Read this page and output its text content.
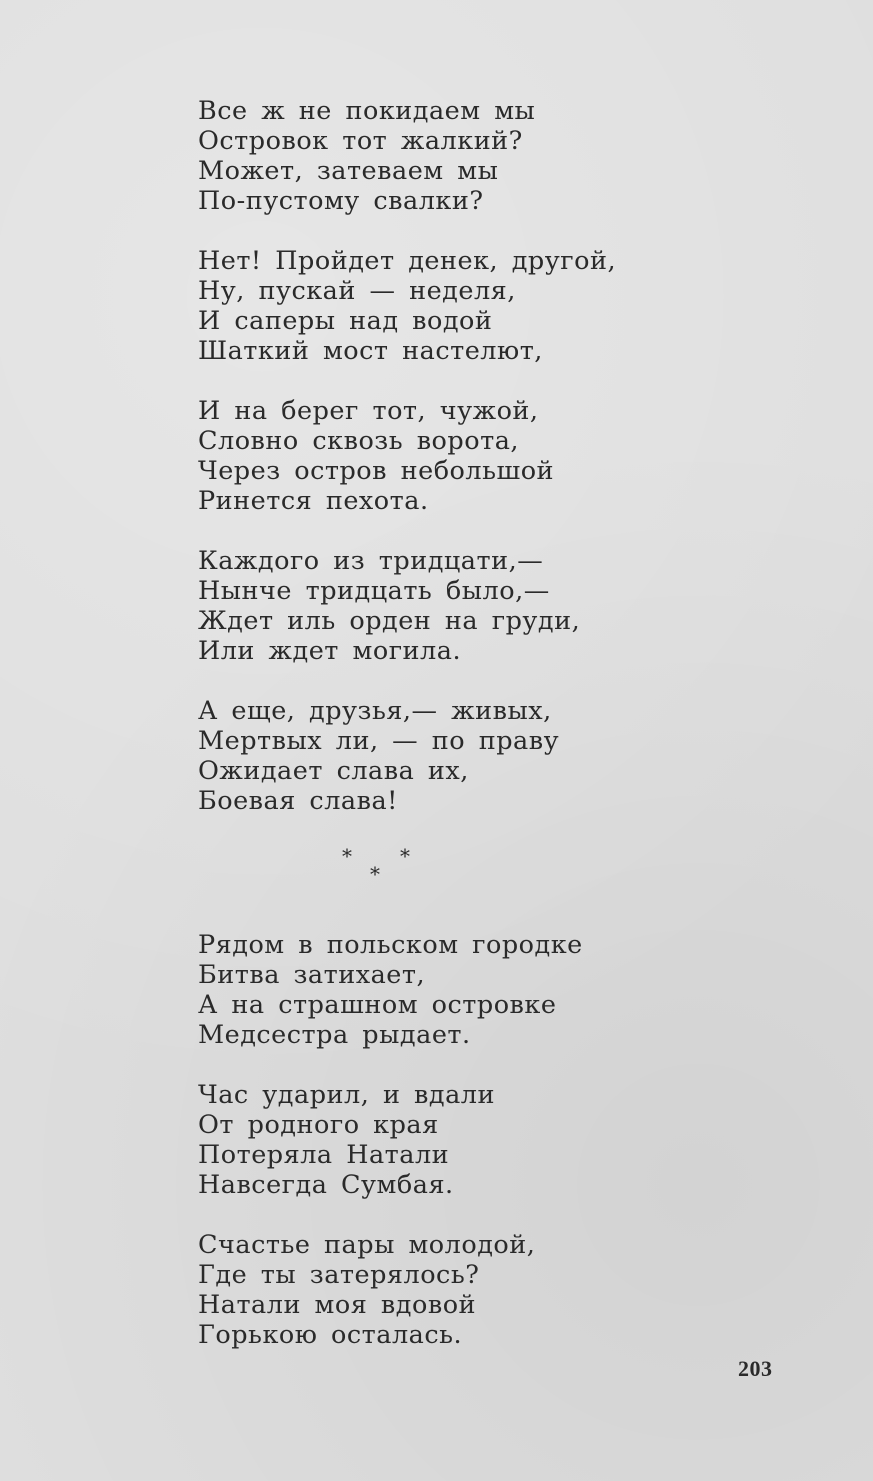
Все ж не покидаем мы
Островок тот жалкий?
Может, затеваем мы
По-пустому свалки?
Нет! Пройдет денек, другой,
Ну, пускай — неделя,
И саперы над водой
Шаткий мост настелют,
И на берег тот, чужой,
Словно сквозь ворота,
Через остров небольшой
Ринется пехота.
Каждого из тридцати,—
Нынче тридцать было,—
Ждет иль орден на груди,
Или ждет могила.
А еще, друзья,— живых,
Мертвых ли, — по праву
Ожидает слава их,
Боевая слава!
* *
*
Рядом в польском городке
Битва затихает,
А на страшном островке
Медсестра рыдает.
Час ударил, и вдали
От родного края
Потеряла Натали
Навсегда Сумбая.
Счастье пары молодой,
Где ты затерялось?
Натали моя вдовой
Горькою осталась.
203
